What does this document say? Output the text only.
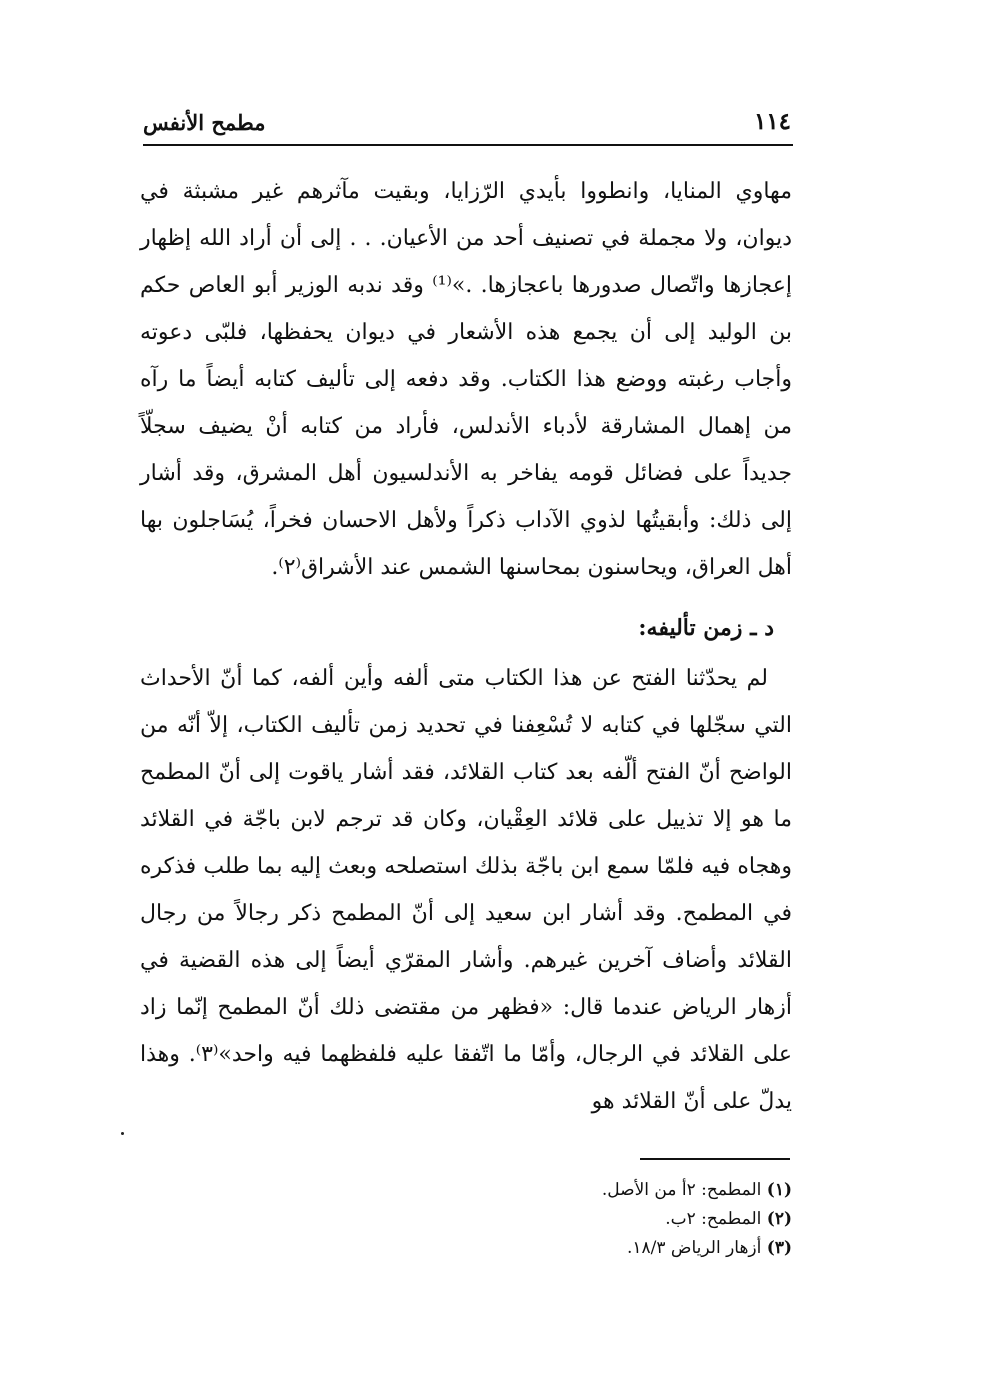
مطمح الأنفس	١١٤

مهاوي المنايا، وانطووا بأيدي الرّزايا، وبقيت مآثرهم غير مشبثة في ديوان، ولا مجملة في تصنيف أحد من الأعيان. . . إلى أن أراد الله إظهار إعجازها واتّصال صدورها باعجازها. .»⁽¹⁾ وقد ندبه الوزير أبو العاص حكم بن الوليد إلى أن يجمع هذه الأشعار في ديوان يحفظها، فلبّى دعوته وأجاب رغبته ووضع هذا الكتاب. وقد دفعه إلى تأليف كتابه أيضاً ما رآه من إهمال المشارقة لأدباء الأندلس، فأراد من كتابه أنْ يضيف سجلّاً جديداً على فضائل قومه يفاخر به الأندلسيون أهل المشرق، وقد أشار إلى ذلك: وأبقيتُها لذوي الآداب ذكراً ولأهل الاحسان فخراً، يُسَاجلون بها أهل العراق، ويحاسنون بمحاسنها الشمس عند الأشراق⁽٢⁾.

د ـ زمن تأليفه:

لم يحدّثنا الفتح عن هذا الكتاب متى ألفه وأين ألفه، كما أنّ الأحداث التي سجّلها في كتابه لا تُسْعِفنا في تحديد زمن تأليف الكتاب، إلاّ أنّه من الواضح أنّ الفتح ألّفه بعد كتاب القلائد، فقد أشار ياقوت إلى أنّ المطمح ما هو إلا تذييل على قلائد العِقْيان، وكان قد ترجم لابن باجّة في القلائد وهجاه فيه فلمّا سمع ابن باجّة بذلك استصلحه وبعث إليه بما طلب فذكره في المطمح. وقد أشار ابن سعيد إلى أنّ المطمح ذكر رجالاً من رجال القلائد وأضاف آخرين غيرهم. وأشار المقرّي أيضاً إلى هذه القضية في أزهار الرياض عندما قال: «فظهر من مقتضى ذلك أنّ المطمح إنّما زاد على القلائد في الرجال، وأمّا ما اتّفقا عليه فلفظهما فيه واحد»⁽٣⁾. وهذا يدلّ على أنّ القلائد هو

(١) المطمح: ٢أ من الأصل.
(٢) المطمح: ٢ب.
(٣) أزهار الرياض ١٨/٣.
